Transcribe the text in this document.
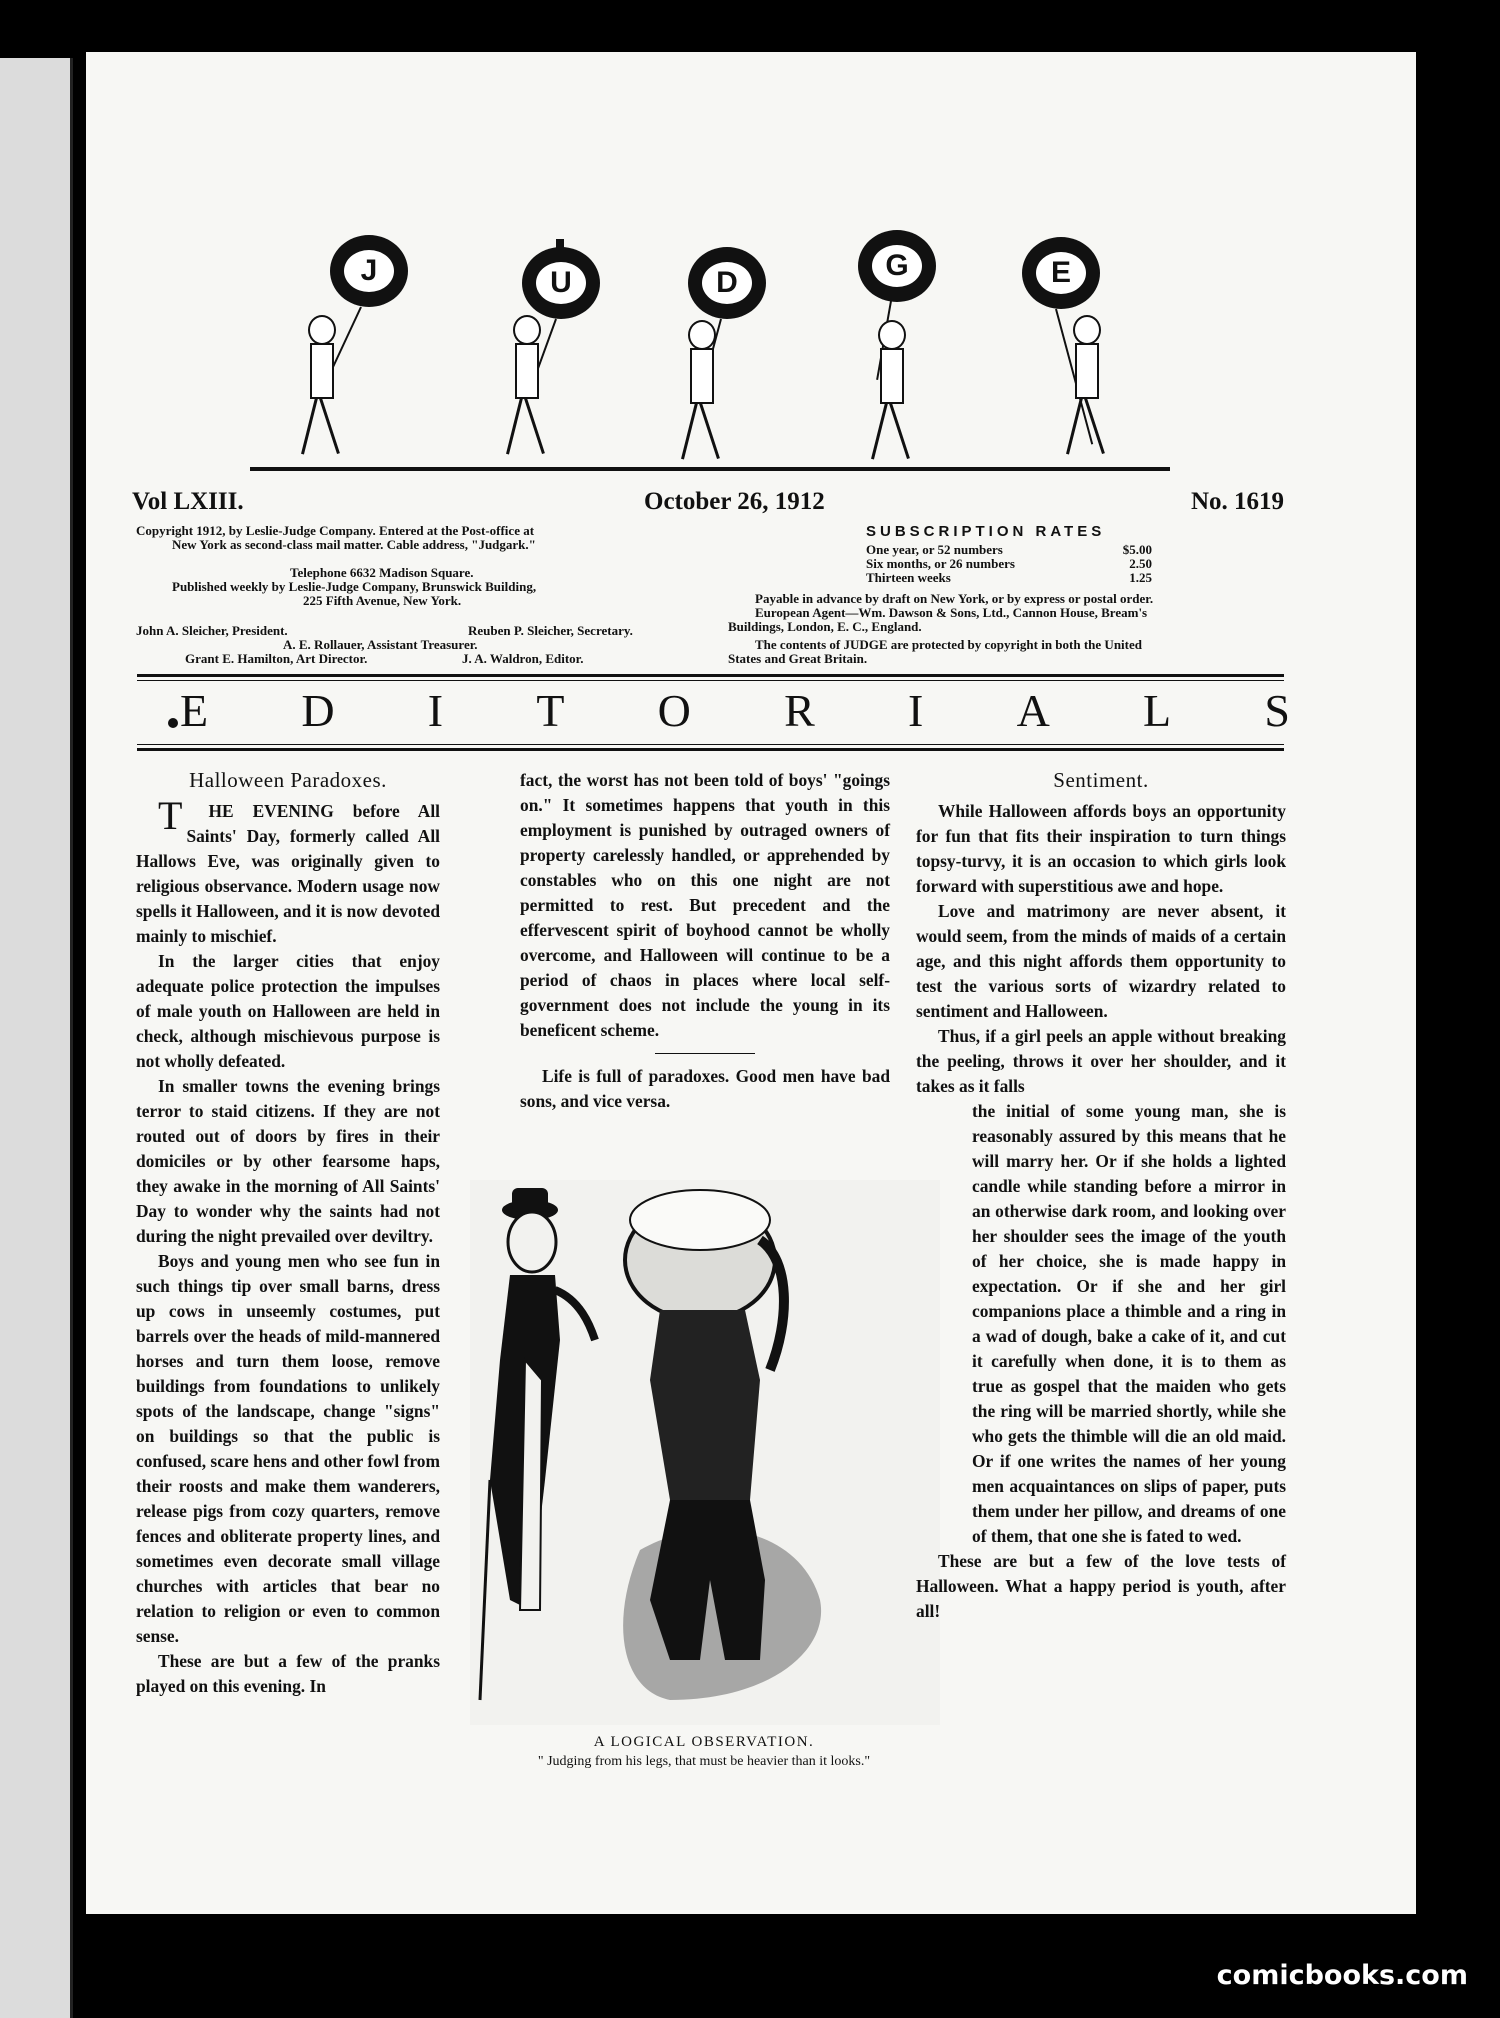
J	U	D
G	E
Vol LXIII.	October 26, 1912	No. 1619
Copyright 1912, by Leslie-Judge Company. Entered at the Post-office at
New York as second-class mail matter. Cable address, "Judgark."
Telephone 6632 Madison Square.
Published weekly by Leslie-Judge Company, Brunswick Building,
225 Fifth Avenue, New York.
John A. Sleicher, President.	Reuben P. Sleicher, Secretary.
A. E. Rollauer, Assistant Treasurer.
Grant E. Hamilton, Art Director.	J. A. Waldron, Editor.
SUBSCRIPTION RATES
One year, or 52 numbers	$5.00
Six months, or 26 numbers	2.50
Thirteen weeks	1.25
Payable in advance by draft on New York, or by express or postal order.
European Agent—Wm. Dawson & Sons, Ltd., Cannon House, Bream's
Buildings, London, E. C., England.
The contents of JUDGE are protected by copyright in both the United
States and Great Britain.
E D I T O R I A L S
Halloween Paradoxes.

T HE EVENING before All Saints' Day, formerly called All Hallows Eve, was originally given to religious observance. Modern usage now spells it Halloween, and it is now devoted mainly to mischief.

In the larger cities that enjoy adequate police protection the impulses of male youth on Halloween are held in check, although mischievous purpose is not wholly defeated.

In smaller towns the evening brings terror to staid citizens. If they are not routed out of doors by fires in their domiciles or by other fearsome haps, they awake in the morning of All Saints' Day to wonder why the saints had not during the night prevailed over deviltry.

Boys and young men who see fun in such things tip over small barns, dress up cows in unseemly costumes, put barrels over the heads of mild-mannered horses and turn them loose, remove buildings from foundations to unlikely spots of the landscape, change "signs" on buildings so that the public is confused, scare hens and other fowl from their roosts and make them wanderers, release pigs from cozy quarters, remove fences and obliterate property lines, and sometimes even decorate small village churches with articles that bear no relation to religion or even to common sense.

These are but a few of the pranks played on this evening. In

fact, the worst has not been told of boys' "goings on." It sometimes happens that youth in this employment is punished by outraged owners of property carelessly handled, or apprehended by constables who on this one night are not permitted to rest. But precedent and the effervescent spirit of boyhood cannot be wholly overcome, and Halloween will continue to be a period of chaos in places where local self-government does not include the young in its beneficent scheme.

Life is full of paradoxes. Good men have bad sons, and vice versa.

A LOGICAL OBSERVATION.
" Judging from his legs, that must be heavier than it looks."
Sentiment.

While Halloween affords boys an opportunity for fun that fits their inspiration to turn things topsy-turvy, it is an occasion to which girls look forward with superstitious awe and hope.

Love and matrimony are never absent, it would seem, from the minds of maids of a certain age, and this night affords them opportunity to test the various sorts of wizardry related to sentiment and Halloween.

Thus, if a girl peels an apple without breaking the peeling, throws it over her shoulder, and it takes as it falls

the initial of some young man, she is reasonably assured by this means that he will marry her. Or if she holds a lighted candle while standing before a mirror in an otherwise dark room, and looking over her shoulder sees the image of the youth of her choice, she is made happy in expectation. Or if she and her girl companions place a thimble and a ring in a wad of dough, bake a cake of it, and cut it carefully when done, it is to them as true as gospel that the maiden who gets the ring will be married shortly, while she who gets the thimble will die an old maid. Or if one writes the names of her young men acquaintances on slips of paper, puts them under her pillow, and dreams of one of them, that one she is fated to wed.

These are but a few of the love tests of Halloween. What a happy period is youth, after all!

comicbooks.com
